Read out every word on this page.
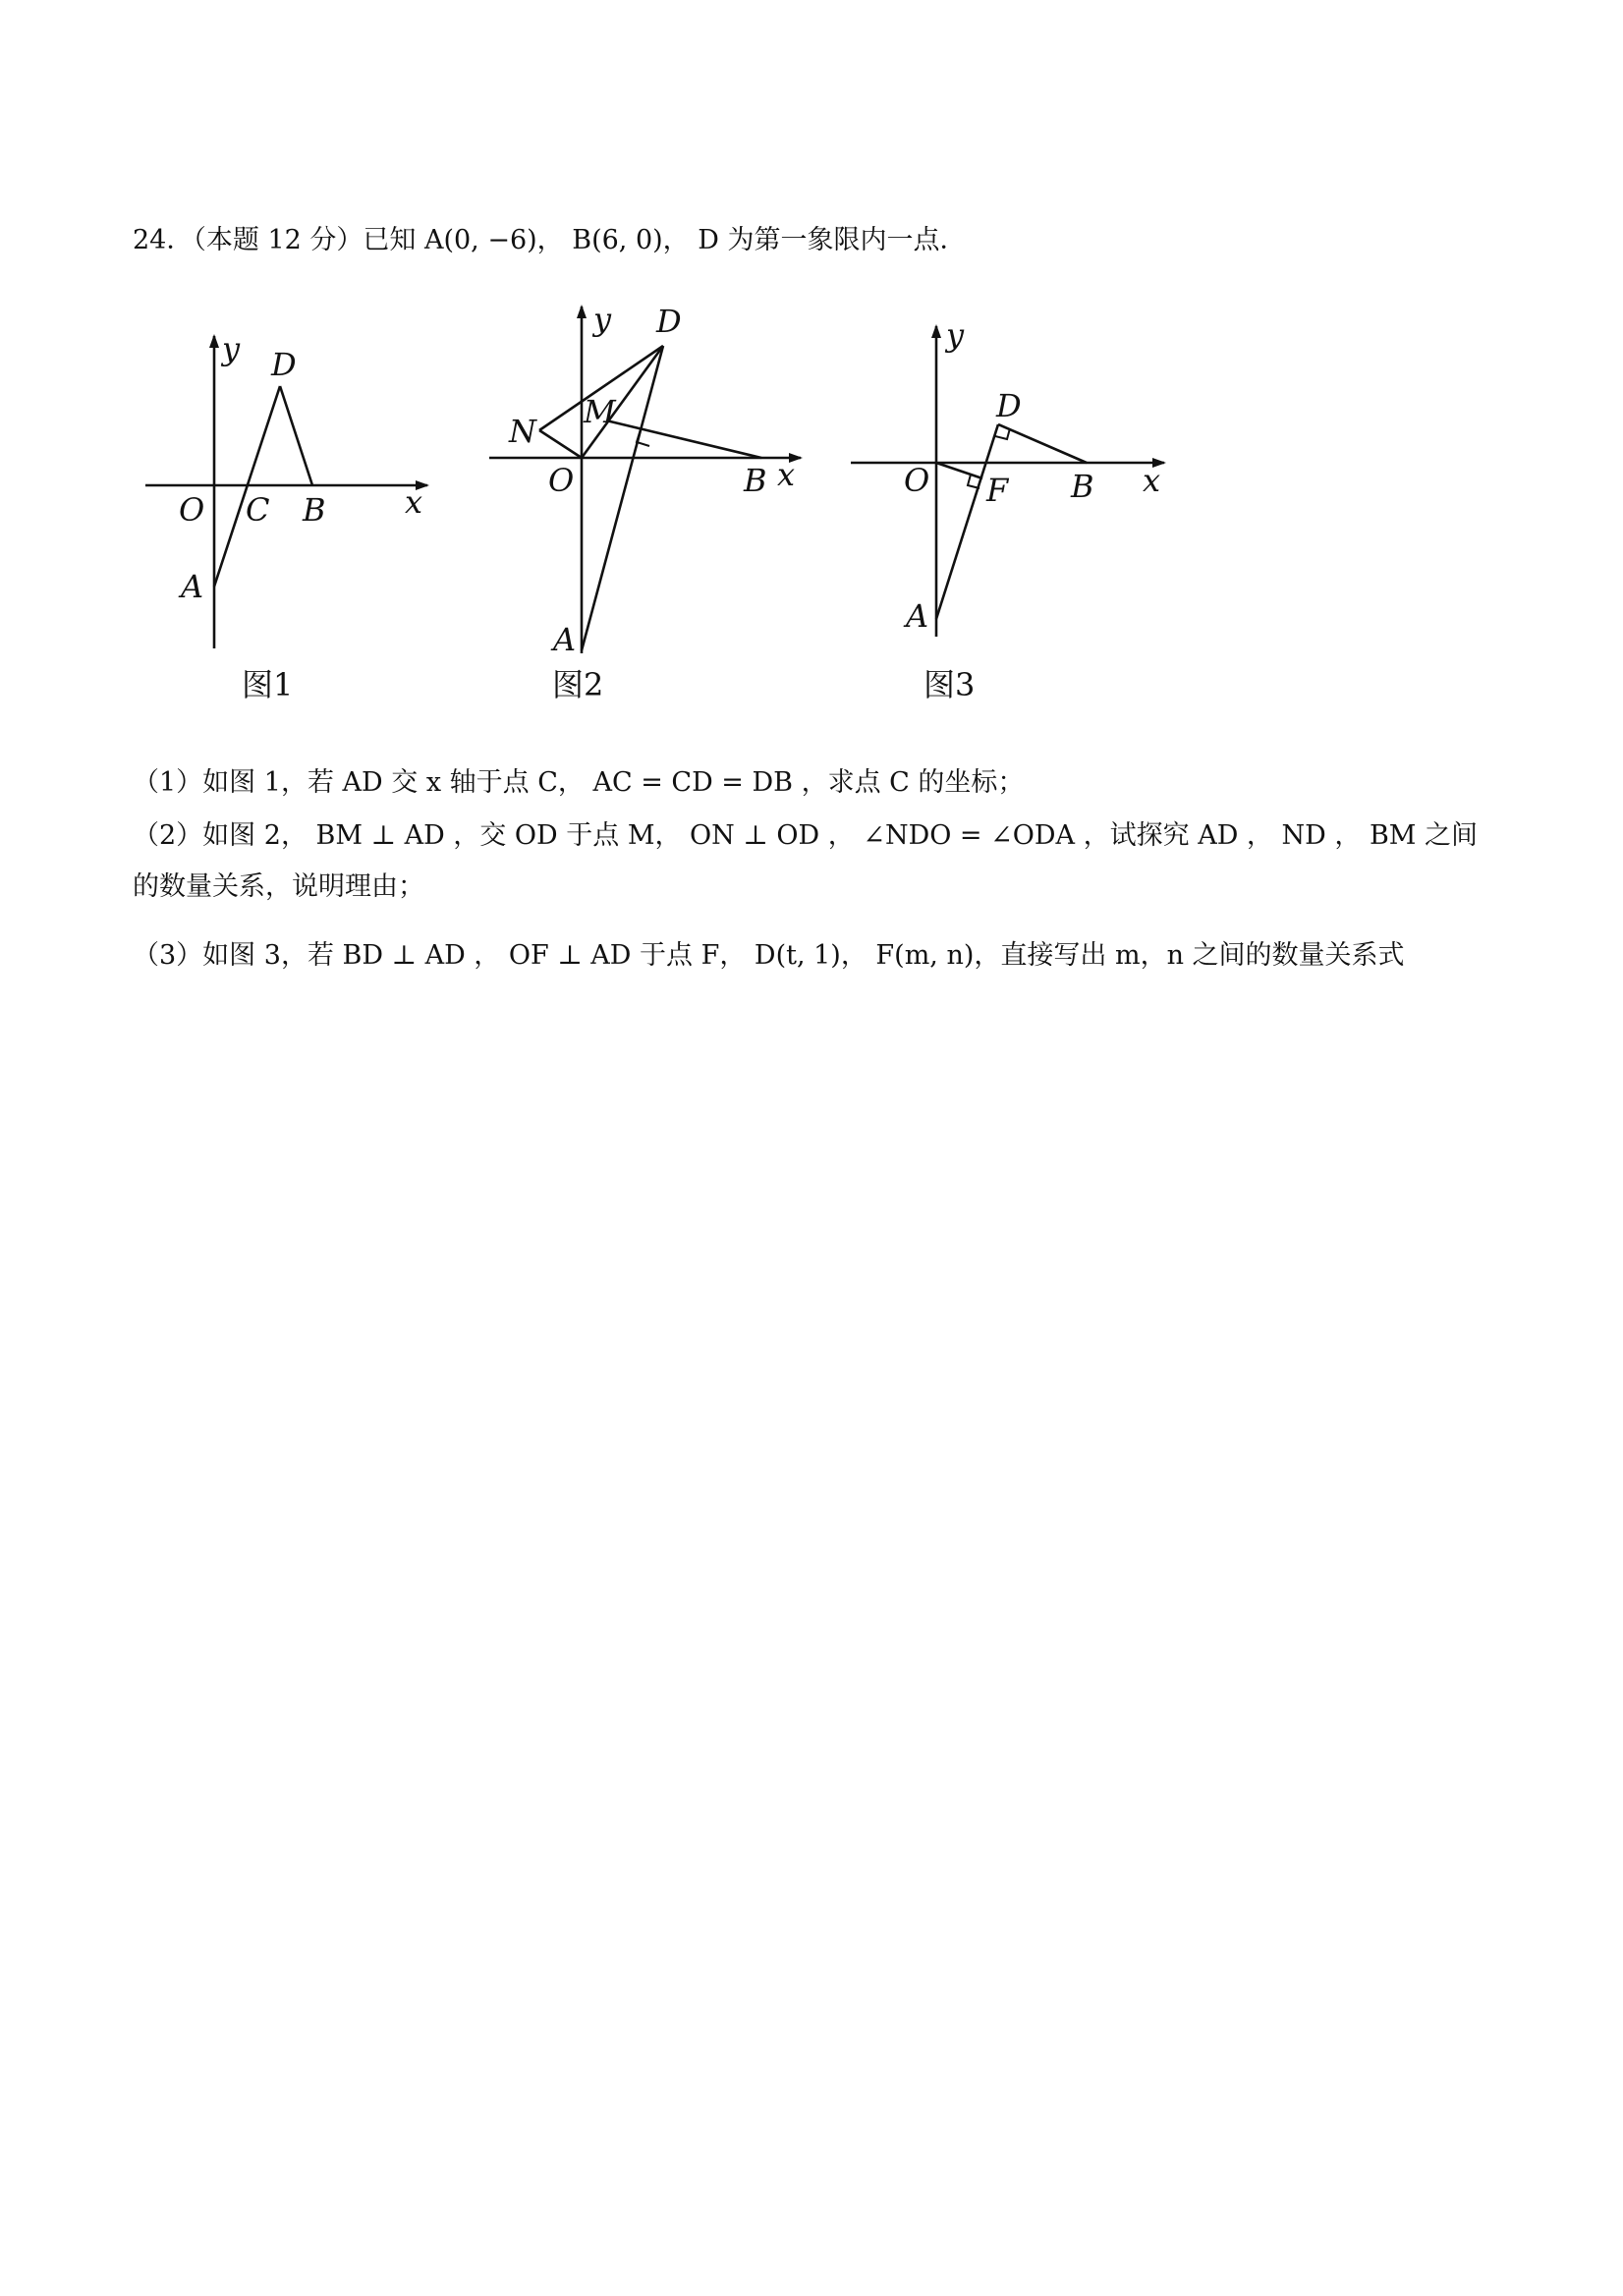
24．（本题 12 分）已知 A(0, −6)， B(6, 0)， D 为第一象限内一点．
y D
O C B	x
A
图1
y D
M
N
O	B x
A
图2
y
D
O F B x
A
图3
（1）如图 1，若 AD 交 x 轴于点 C， AC = CD = DB ，求点 C 的坐标；
（2）如图 2， BM ⊥ AD ，交 OD 于点 M， ON ⊥ OD ， ∠NDO = ∠ODA ，试探究 AD ， ND ， BM 之间
的数量关系，说明理由；
（3）如图 3，若 BD ⊥ AD ， OF ⊥ AD 于点 F， D(t, 1)， F(m, n)，直接写出 m，n 之间的数量关系式
